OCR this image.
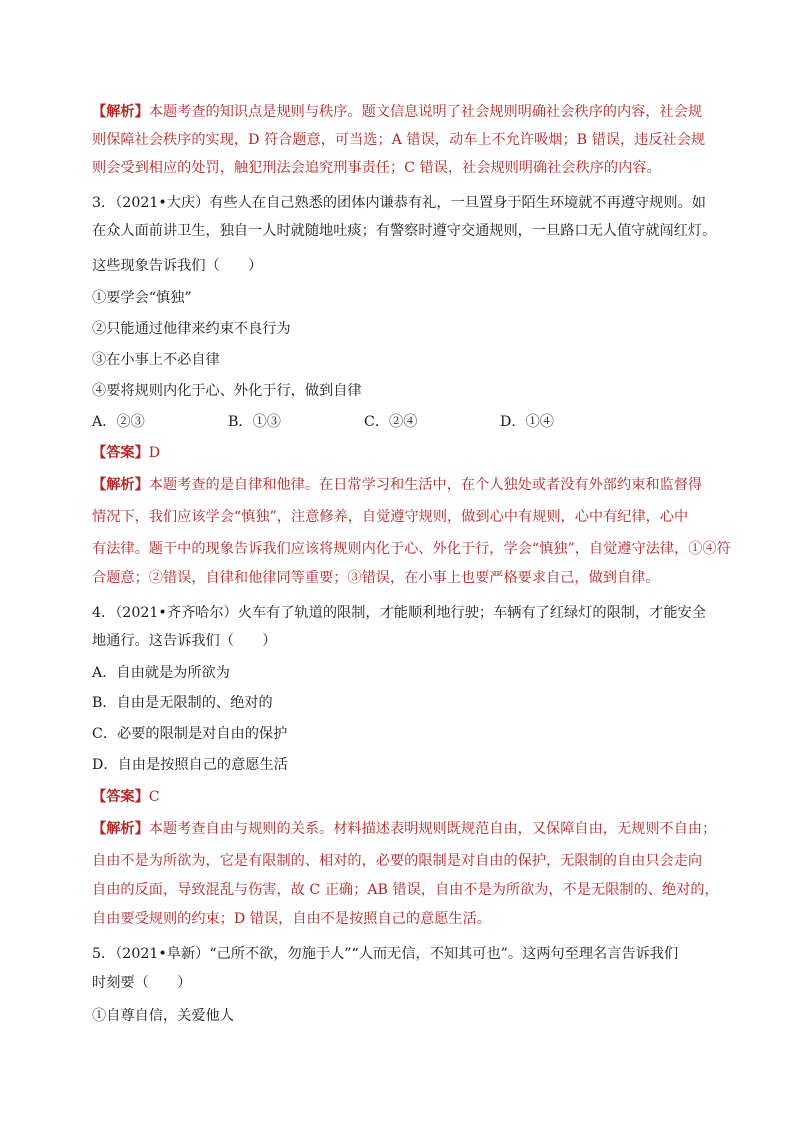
【解析】本题考查的知识点是规则与秩序。题文信息说明了社会规则明确社会秩序的内容，社会规

则保障社会秩序的实现，D 符合题意，可当选；A 错误，动车上不允许吸烟；B 错误，违反社会规

则会受到相应的处罚，触犯刑法会追究刑事责任；C 错误，社会规则明确社会秩序的内容。

3．（2021•大庆）有些人在自己熟悉的团体内谦恭有礼，一旦置身于陌生环境就不再遵守规则。如

在众人面前讲卫生，独自一人时就随地吐痰；有警察时遵守交通规则，一旦路口无人值守就闯红灯。

这些现象告诉我们（　　）

①要学会“慎独”

②只能通过他律来约束不良行为

③在小事上不必自律

④要将规则内化于心、外化于行，做到自律

A．②③	B．①③	C．②④	D．①④

【答案】D

【解析】本题考查的是自律和他律。在日常学习和生活中，在个人独处或者没有外部约束和监督得

情况下，我们应该学会“慎独”，注意修养，自觉遵守规则，做到心中有规则，心中有纪律，心中

有法律。题干中的现象告诉我们应该将规则内化于心、外化于行，学会“慎独”，自觉遵守法律，①④符

合题意；②错误，自律和他律同等重要；③错误，在小事上也要严格要求自己，做到自律。

4．（2021•齐齐哈尔）火车有了轨道的限制，才能顺利地行驶；车辆有了红绿灯的限制，才能安全

地通行。这告诉我们（　　）

A．自由就是为所欲为

B．自由是无限制的、绝对的

C．必要的限制是对自由的保护

D．自由是按照自己的意愿生活

【答案】C

【解析】本题考查自由与规则的关系。材料描述表明规则既规范自由，又保障自由，无规则不自由；

自由不是为所欲为，它是有限制的、相对的，必要的限制是对自由的保护，无限制的自由只会走向

自由的反面，导致混乱与伤害，故 C 正确；AB 错误，自由不是为所欲为，不是无限制的、绝对的，

自由要受规则的约束；D 错误，自由不是按照自己的意愿生活。

5．（2021•阜新）“己所不欲，勿施于人”“人而无信，不知其可也”。这两句至理名言告诉我们

时刻要（　　）

①自尊自信，关爱他人
